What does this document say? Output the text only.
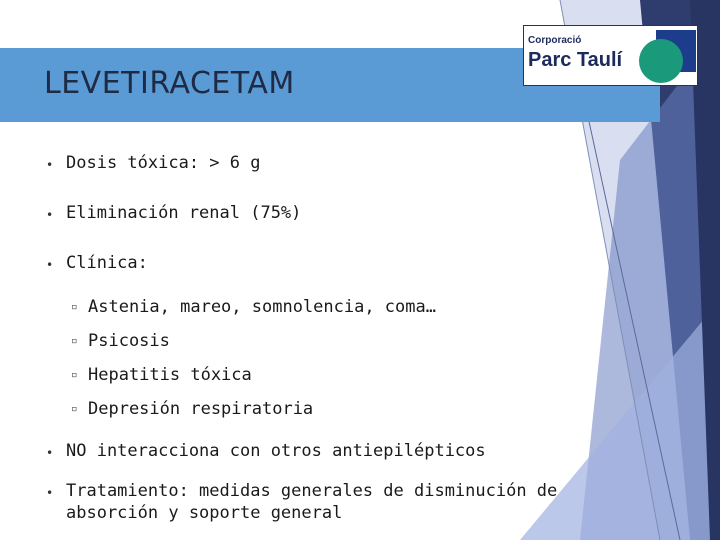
LEVETIRACETAM
Corporació
Parc Taulí
• Dosis tóxica: > 6 g
• Eliminación renal (75%)
• Clínica:
▫ Astenia, mareo, somnolencia, coma…
▫ Psicosis
▫ Hepatitis tóxica
▫ Depresión respiratoria
• NO interacciona con otros antiepilépticos
• Tratamiento: medidas generales de disminución de absorción y soporte general
